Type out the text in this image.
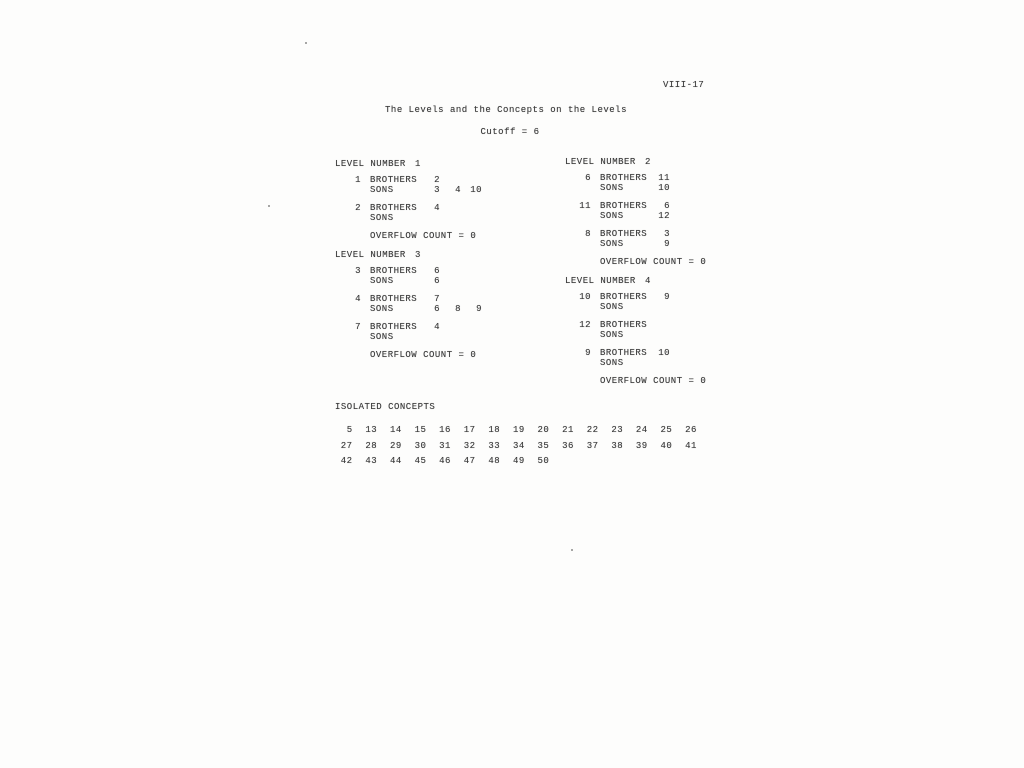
VIII-17
The Levels and the Concepts on the Levels
Cutoff = 6
LEVEL NUMBER	1
1 BROTHERS	2
SONS	3	4	10
2 BROTHERS	4
SONS
OVERFLOW COUNT = 0
LEVEL NUMBER	3
3 BROTHERS	6
SONS	6
4 BROTHERS	7
SONS	6	8	9
7 BROTHERS	4
SONS
OVERFLOW COUNT = 0
LEVEL NUMBER	2
6 BROTHERS	11
SONS	10
11 BROTHERS	6
SONS	12
8 BROTHERS	3
SONS	9
OVERFLOW COUNT = 0
LEVEL NUMBER	4
10 BROTHERS	9
SONS
12 BROTHERS
SONS
9 BROTHERS	10
SONS
OVERFLOW COUNT = 0
ISOLATED CONCEPTS
5 13 14 15 16 17 18 19 20 21 22 23 24 25 26
27 28 29 30 31 32 33 34 35 36 37 38 39 40 41
42 43 44 45 46 47 48 49 50
